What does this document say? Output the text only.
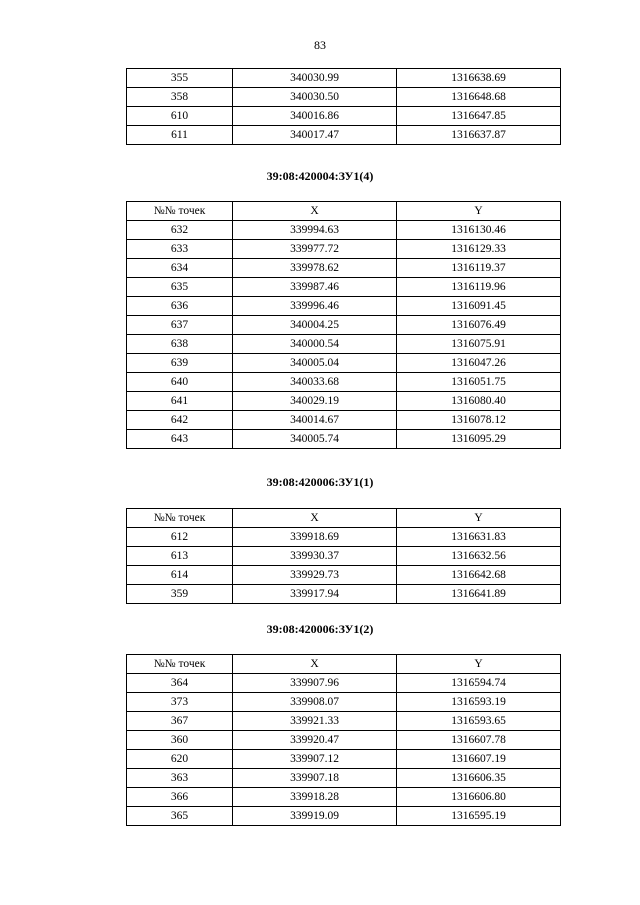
83
355	340030.99	1316638.69
358	340030.50	1316648.68
610	340016.86	1316647.85
611	340017.47	1316637.87
39:08:420004:ЗУ1(4)
№№ точек	X	Y
632	339994.63	1316130.46
633	339977.72	1316129.33
634	339978.62	1316119.37
635	339987.46	1316119.96
636	339996.46	1316091.45
637	340004.25	1316076.49
638	340000.54	1316075.91
639	340005.04	1316047.26
640	340033.68	1316051.75
641	340029.19	1316080.40
642	340014.67	1316078.12
643	340005.74	1316095.29
39:08:420006:ЗУ1(1)
№№ точек	X	Y
612	339918.69	1316631.83
613	339930.37	1316632.56
614	339929.73	1316642.68
359	339917.94	1316641.89
39:08:420006:ЗУ1(2)
№№ точек	X	Y
364	339907.96	1316594.74
373	339908.07	1316593.19
367	339921.33	1316593.65
360	339920.47	1316607.78
620	339907.12	1316607.19
363	339907.18	1316606.35
366	339918.28	1316606.80
365	339919.09	1316595.19
